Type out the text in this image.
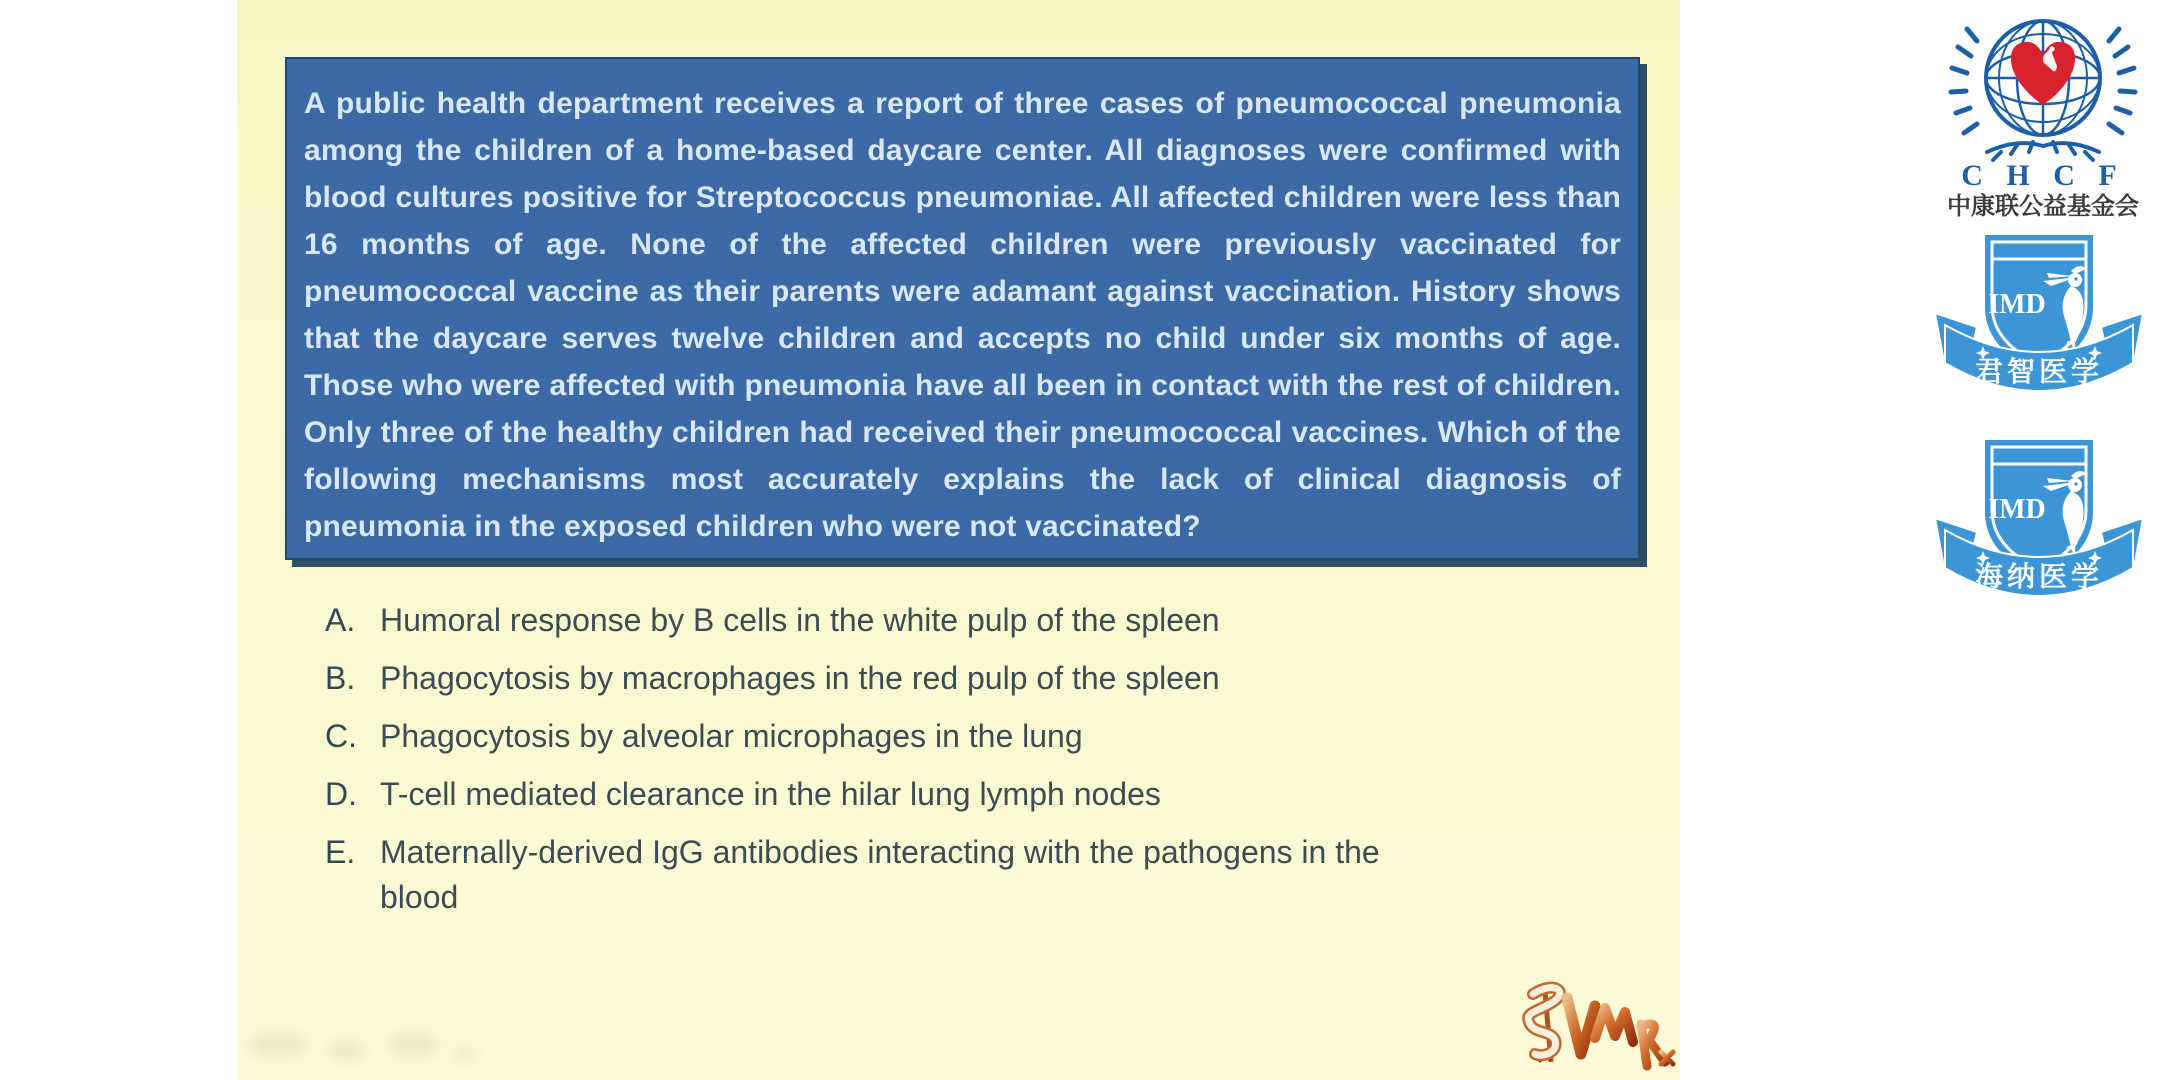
A public health department receives a report of three cases of pneumococcal pneumonia among the children of a home-based daycare center. All diagnoses were confirmed with blood cultures positive for Streptococcus pneumoniae. All affected children were less than 16 months of age. None of the affected children were previously vaccinated for pneumococcal vaccine as their parents were adamant against vaccination. History shows that the daycare serves twelve children and accepts no child under six months of age. Those who were affected with pneumonia have all been in contact with the rest of children. Only three of the healthy children had received their pneumococcal vaccines. Which of the following mechanisms most accurately explains the lack of clinical diagnosis of pneumonia in the exposed children who were not vaccinated?

A. Humoral response by B cells in the white pulp of the spleen
B. Phagocytosis by macrophages in the red pulp of the spleen
C. Phagocytosis by alveolar microphages in the lung
D. T-cell mediated clearance in the hilar lung lymph nodes
E. Maternally-derived IgG antibodies interacting with the pathogens in the blood
C H C F
中康联公益基金会
IMD
君智医学
IMD
海纳医学
